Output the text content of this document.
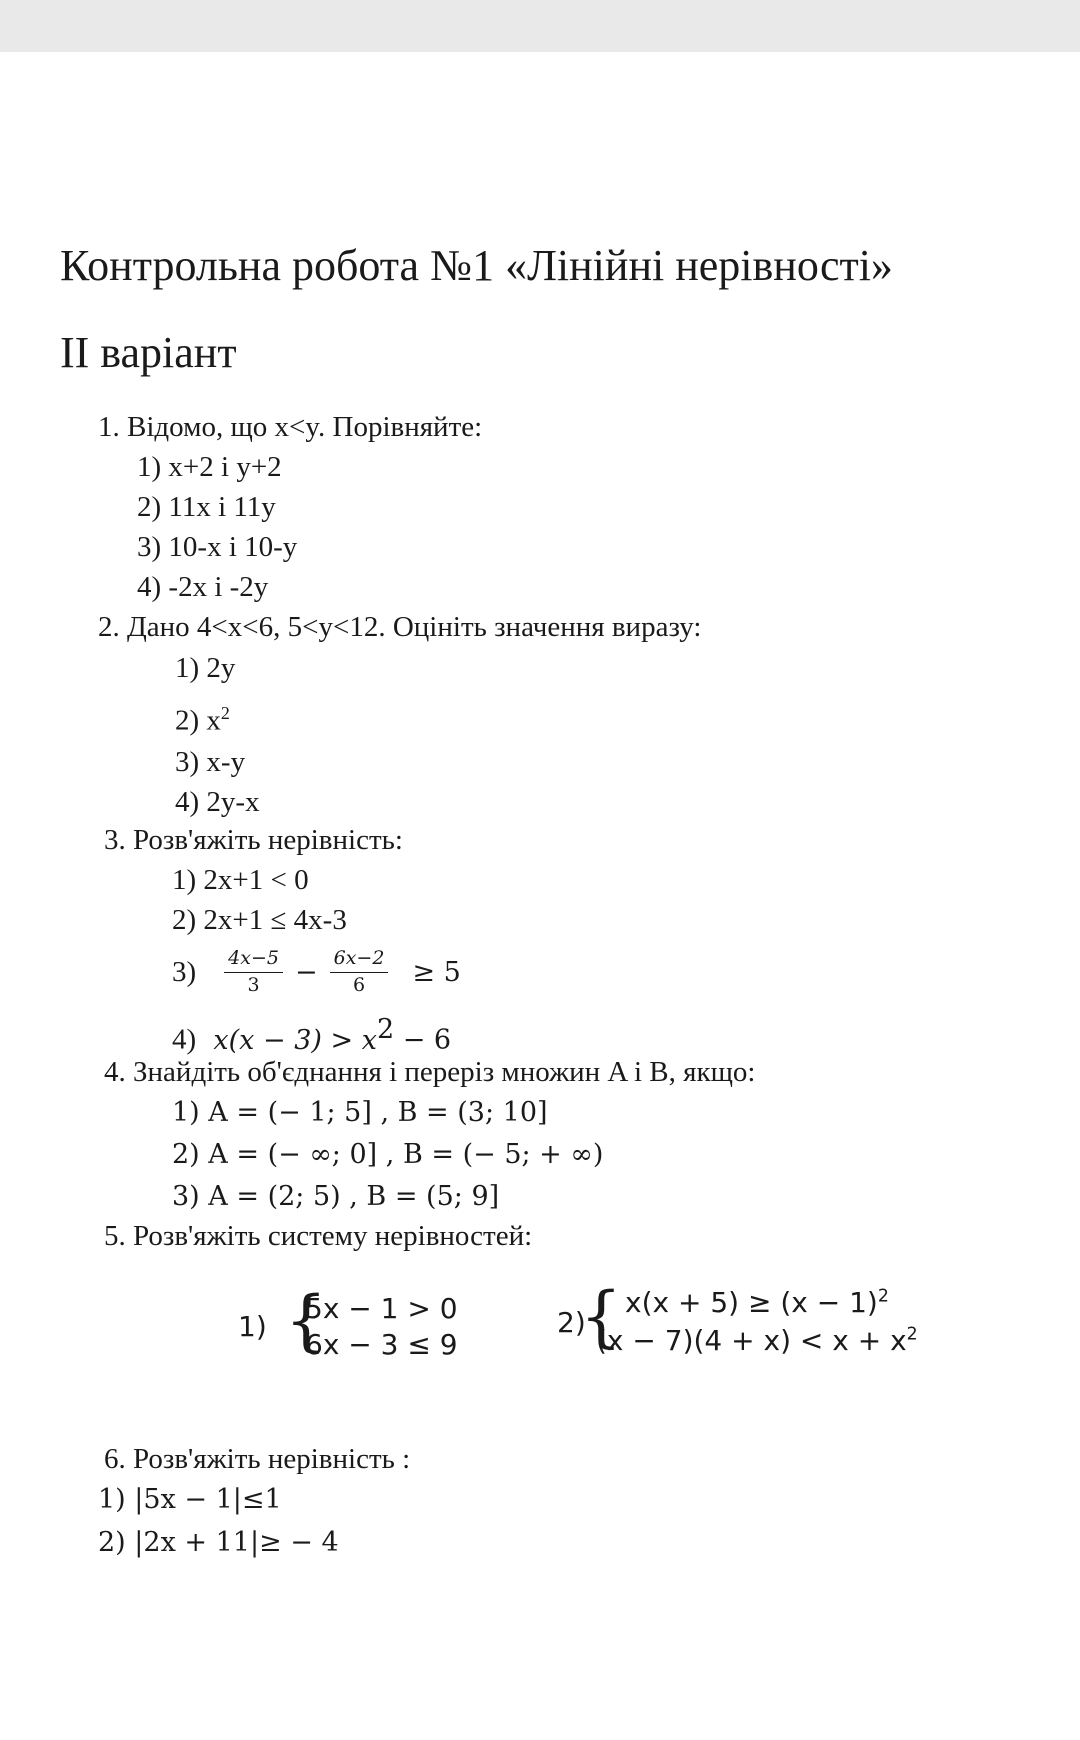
Контрольна робота №1 «Лінійні нерівності»
II варіант
1. Відомо, що x<y. Порівняйте:
1) x+2 і y+2
2) 11x і 11y
3) 10-x і 10-y
4) -2x і -2y
2. Дано 4<x<6, 5<y<12. Оцініть значення виразу:
1) 2y
2) $x^2$
3) x-y
4) 2y-x
3. Розв'яжіть нерівність:
1) 2x+1 < 0
2) 2x+1 ≤ 4x-3
$3) \frac{4x-5}{3} - \frac{6x-2}{6} \ge 5$
4) $x(x - 3) > x^2 - 6$
4. Знайдіть об'єднання і переріз множин A і B, якщо:
1) A = (− 1; 5] , B = (3; 10]
2) A = (− ∞; 0] , B = (− 5; + ∞)
3) A = (2; 5) , B = (5; 9]
5. Розв'яжіть систему нерівностей:
1) {
5x − 1 > 0
6x − 3 ≤ 9
2)
{ $x(x + 5) \ge (x - 1)^2$
$(x - 7)(4 + x) < x + x^2$
6. Розв'яжіть нерівність :
1) |5x − 1|≤1
2) |2x + 11|≥ − 4
